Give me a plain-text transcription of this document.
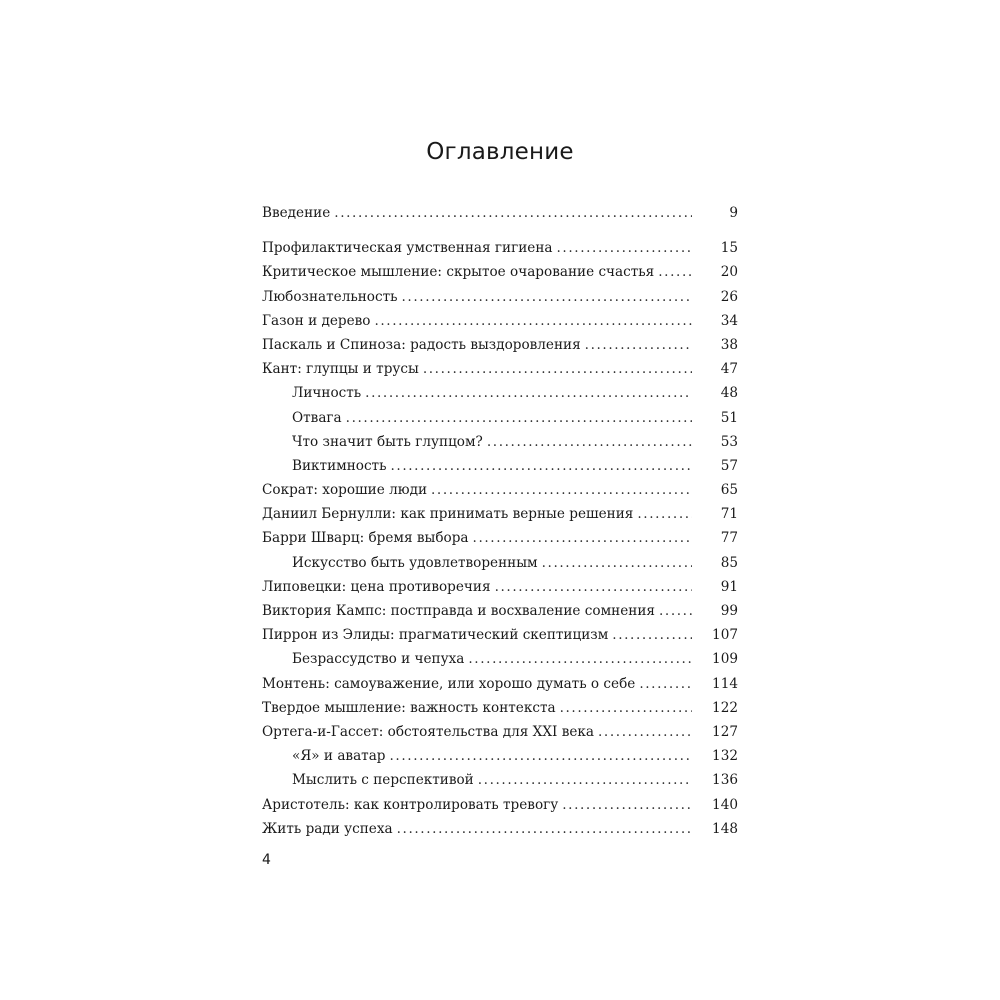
Оглавление
Введение .....	9
Профилактическая умственная гигиена .....	15
Критическое мышление: скрытое очарование счастья .....	20
Любознательность .....	26
Газон и дерево .....	34
Паскаль и Спиноза: радость выздоровления .....	38
Кант: глупцы и трусы .....	47
Личность .....	48
Отвага .....	51
Что значит быть глупцом? .....	53
Виктимность .....	57
Сократ: хорошие люди .....	65
Даниил Бернулли: как принимать верные решения .....	71
Барри Шварц: бремя выбора .....	77
Искусство быть удовлетворенным .....	85
Липовецки: цена противоречия .....	91
Виктория Кампс: постправда и восхваление сомнения .....	99
Пиррон из Элиды: прагматический скептицизм .....	107
Безрассудство и чепуха .....	109
Монтень: самоуважение, или хорошо думать о себе .....	114
Твердое мышление: важность контекста .....	122
Ортега-и-Гассет: обстоятельства для XXI века .....	127
«Я» и аватар .....	132
Мыслить с перспективой .....	136
Аристотель: как контролировать тревогу .....	140
Жить ради успеха .....	148
4
